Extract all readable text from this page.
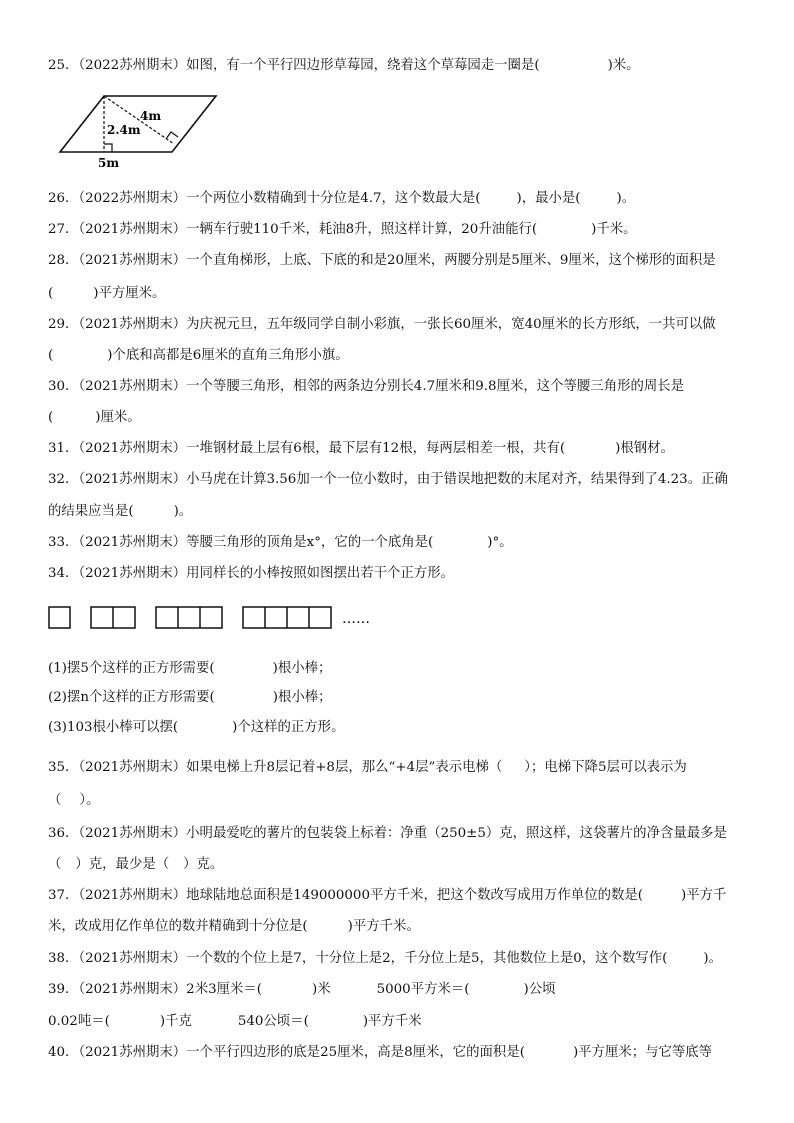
25．（2022苏州期末）如图，有一个平行四边形草莓园，绕着这个草莓园走一圈是(	)米。
4m
2.4m
5m
26．（2022苏州期末）一个两位小数精确到十分位是4.7，这个数最大是(	)，最小是(	)。
27．（2021苏州期末）一辆车行驶110千米，耗油8升，照这样计算，20升油能行(	)千米。
28．（2021苏州期末）一个直角梯形，上底、下底的和是20厘米，两腰分别是5厘米、9厘米，这个梯形的面积是
(	)平方厘米。
29．（2021苏州期末）为庆祝元旦，五年级同学自制小彩旗，一张长60厘米，宽40厘米的长方形纸，一共可以做
(	)个底和高都是6厘米的直角三角形小旗。
30．（2021苏州期末）一个等腰三角形，相邻的两条边分别长4.7厘米和9.8厘米，这个等腰三角形的周长是
(	)厘米。
31．（2021苏州期末）一堆钢材最上层有6根，最下层有12根，每两层相差一根，共有(	)根钢材。
32．（2021苏州期末）小马虎在计算3.56加一个一位小数时，由于错误地把数的末尾对齐，结果得到了4.23。正确
的结果应当是(	)。
33．（2021苏州期末）等腰三角形的顶角是x°，它的一个底角是(	)°。
34．（2021苏州期末）用同样长的小棒按照如图摆出若干个正方形。
……
(1)摆5个这样的正方形需要(	)根小棒；
(2)摆n个这样的正方形需要(	)根小棒；
(3)103根小棒可以摆(	)个这样的正方形。
35．（2021苏州期末）如果电梯上升8层记着+8层，那么“+4层”表示电梯（ ）；电梯下降5层可以表示为
（ ）。
36．（2021苏州期末）小明最爱吃的薯片的包装袋上标着：净重（250±5）克，照这样，这袋薯片的净含量最多是
（ ）克，最少是（ ）克。
37．（2021苏州期末）地球陆地总面积是149000000平方千米，把这个数改写成用万作单位的数是(	)平方千
米，改成用亿作单位的数并精确到十分位是(	)平方千米。
38．（2021苏州期末）一个数的个位上是7，十分位上是2，千分位上是5，其他数位上是0，这个数写作(	)。
39．（2021苏州期末）2米3厘米＝(	)米	5000平方米＝(	)公顷
0.02吨＝(	)千克	540公顷＝(	)平方千米
40．（2021苏州期末）一个平行四边形的底是25厘米，高是8厘米，它的面积是(	)平方厘米；与它等底等
